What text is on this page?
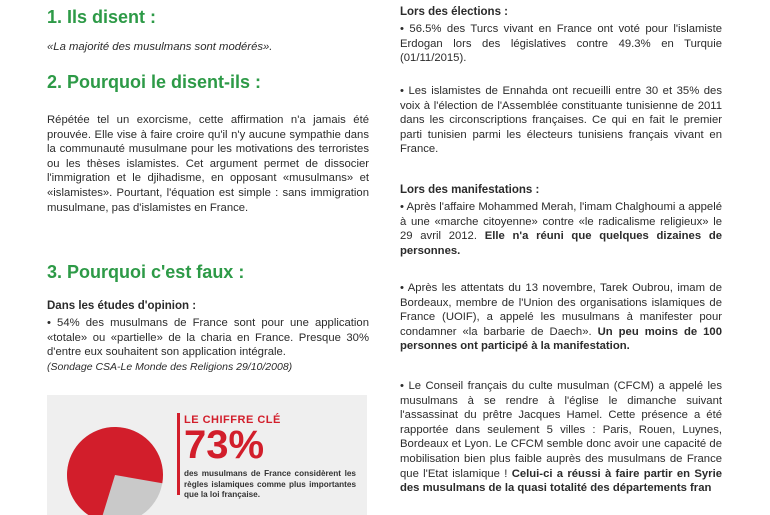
1. Ils disent :

«La majorité des musulmans sont modérés».

2. Pourquoi le disent-ils :

Répétée tel un exorcisme, cette affirmation n'a jamais été prouvée. Elle vise à faire croire qu'il n'y aucune sympathie dans la communauté musulmane pour les motivations des terroristes ou les thèses islamistes. Cet argument permet de dissocier l'immigration et le djihadisme, en opposant «musulmans» et «islamistes». Pourtant, l'équation est simple : sans immigration musulmane, pas d'islamistes en France.

3. Pourquoi c'est faux :
Dans les études d'opinion :

• 54% des musulmans de France sont pour une application «totale» ou «partielle» de la charia en France. Presque 30% d'entre eux souhaitent son application intégrale.

(Sondage CSA-Le Monde des Religions 29/10/2008)

LE CHIFFRE CLÉ
73%
des musulmans de France considèrent les règles islamiques comme plus importantes que la loi française.
Lors des élections :

• 56.5% des Turcs vivant en France ont voté pour l'islamiste Erdogan lors des législatives contre 49.3% en Turquie (01/11/2015).

• Les islamistes de Ennahda ont recueilli entre 30 et 35% des voix à l'élection de l'Assemblée constituante tunisienne de 2011 dans les circonscriptions françaises. Ce qui en fait le premier parti tunisien parmi les électeurs tunisiens français vivant en France.

Lors des manifestations :

• Après l'affaire Mohammed Merah, l'imam Chalghoumi a appelé à une «marche citoyenne» contre «le radicalisme religieux» le 29 avril 2012. Elle n'a réuni que quelques dizaines de personnes.

• Après les attentats du 13 novembre, Tarek Oubrou, imam de Bordeaux, membre de l'Union des organisations islamiques de France (UOIF), a appelé les musulmans à manifester pour condamner «la barbarie de Daech». Un peu moins de 100 personnes ont participé à la manifestation.

• Le Conseil français du culte musulman (CFCM) a appelé les musulmans à se rendre à l'église le dimanche suivant l'assassinat du prêtre Jacques Hamel. Cette présence a été rapportée dans seulement 5 villes : Paris, Rouen, Luynes, Bordeaux et Lyon. Le CFCM semble donc avoir une capacité de mobilisation bien plus faible auprès des musulmans de France que l'Etat islamique ! Celui-ci a réussi à faire partir en Syrie des musulmans de la quasi totalité des départements fran
